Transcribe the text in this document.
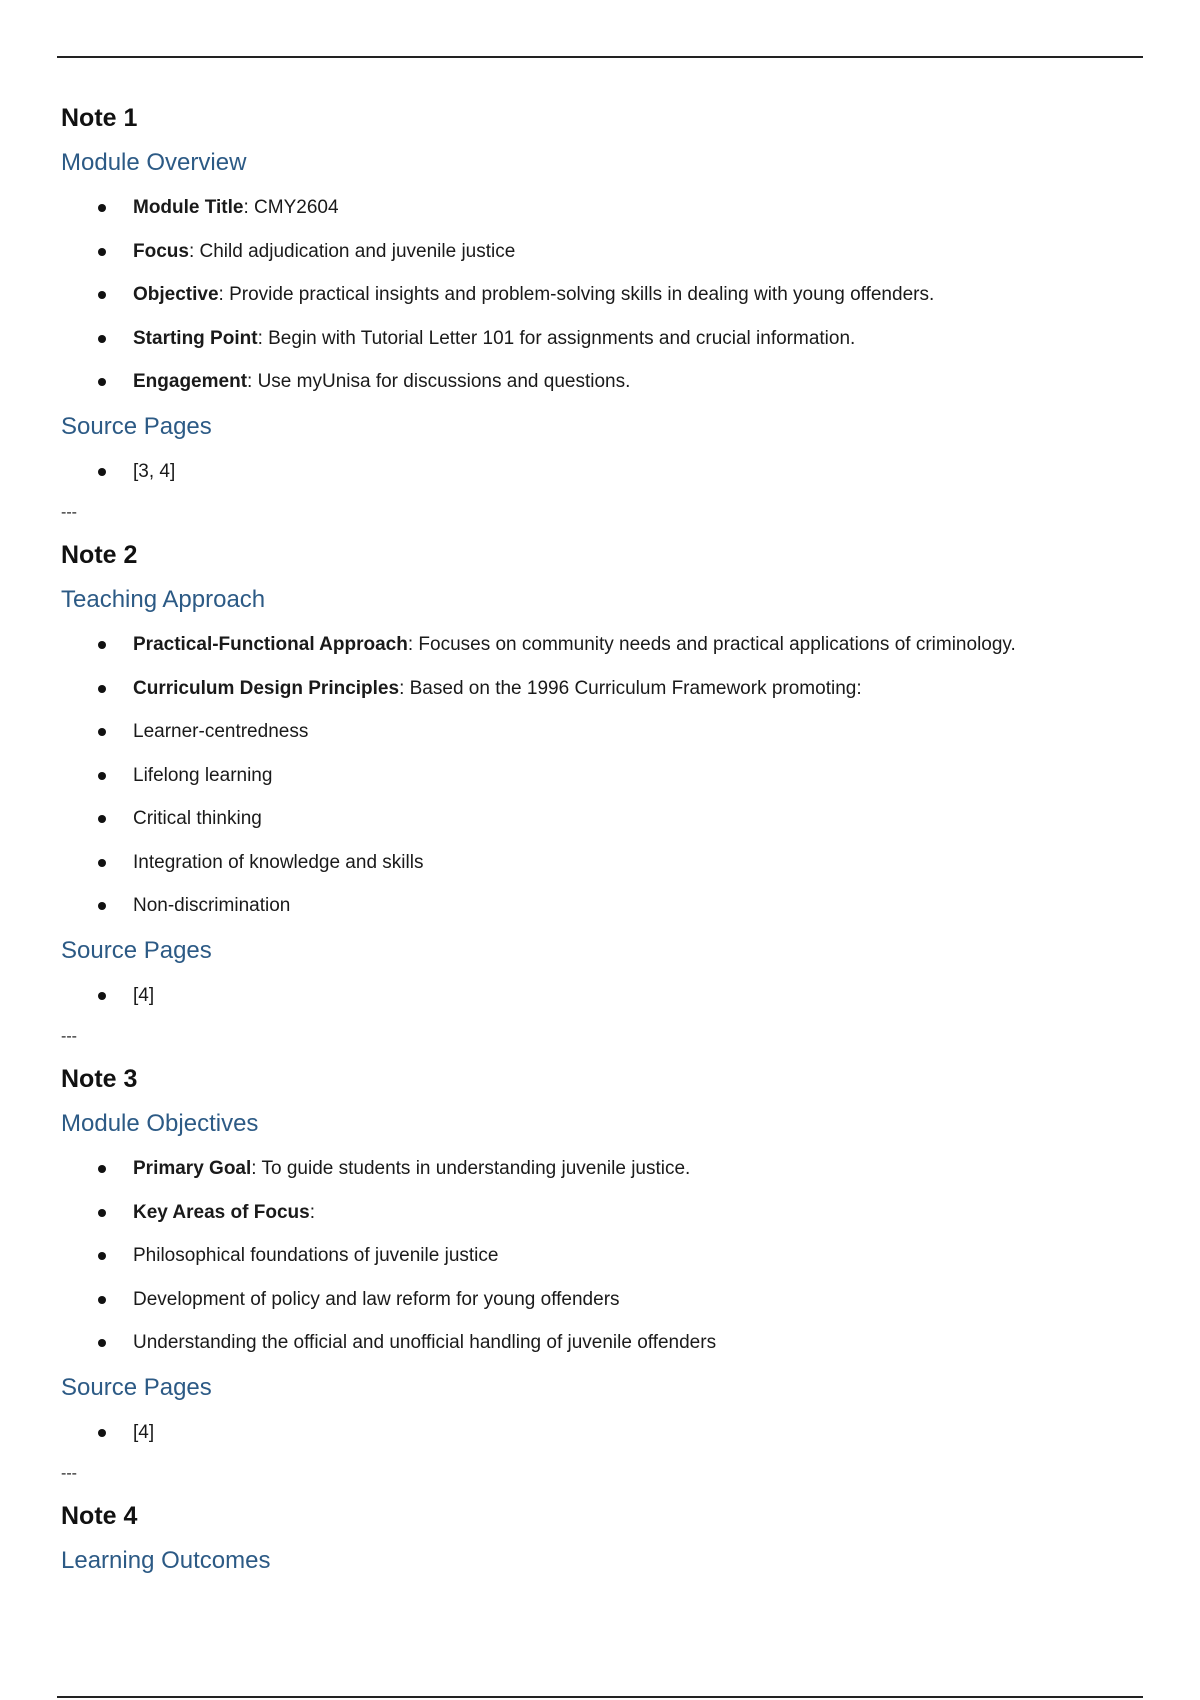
Note 1
Module Overview
Module Title: CMY2604
Focus: Child adjudication and juvenile justice
Objective: Provide practical insights and problem-solving skills in dealing with young offenders.
Starting Point: Begin with Tutorial Letter 101 for assignments and crucial information.
Engagement: Use myUnisa for discussions and questions.
Source Pages
[3, 4]
---
Note 2
Teaching Approach
Practical-Functional Approach: Focuses on community needs and practical applications of criminology.
Curriculum Design Principles: Based on the 1996 Curriculum Framework promoting:
Learner-centredness
Lifelong learning
Critical thinking
Integration of knowledge and skills
Non-discrimination
Source Pages
[4]
---
Note 3
Module Objectives
Primary Goal: To guide students in understanding juvenile justice.
Key Areas of Focus:
Philosophical foundations of juvenile justice
Development of policy and law reform for young offenders
Understanding the official and unofficial handling of juvenile offenders
Source Pages
[4]
---
Note 4
Learning Outcomes
